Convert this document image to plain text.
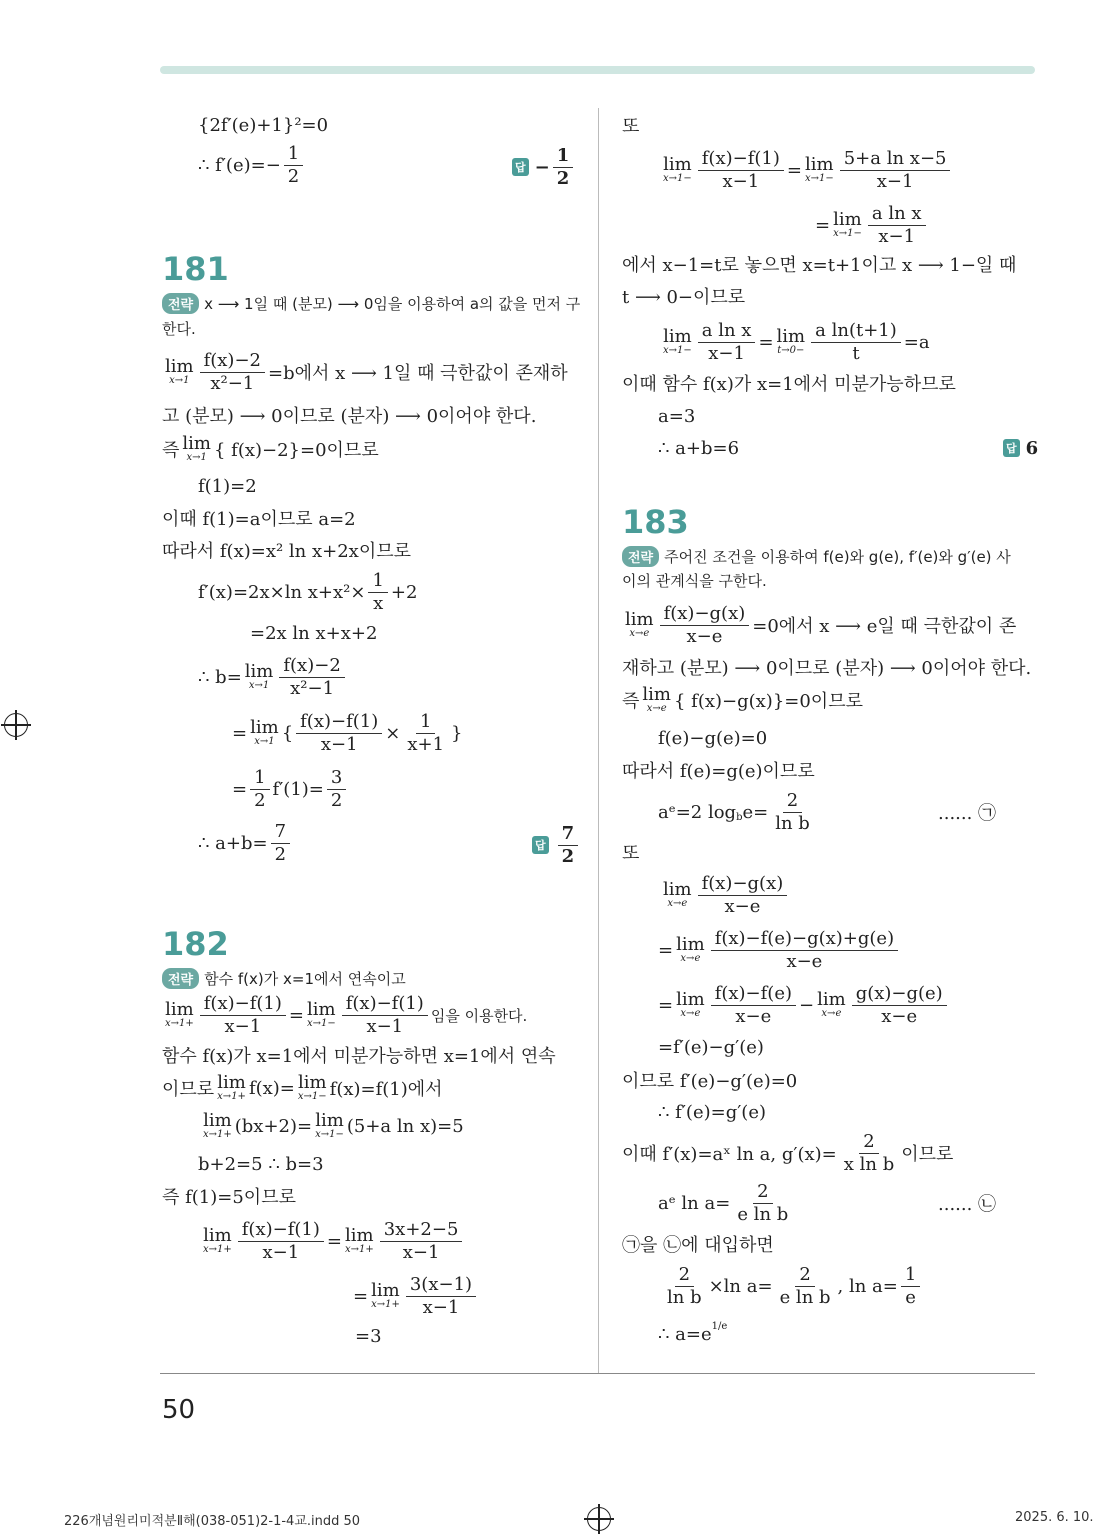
{2f′(e)+1}²=0
∴ $f'(e)=- \frac{1}{2}$
전략 x ⟶ 1일 때 (분모) ⟶ 0임을 이용하여 a의 값을 먼저 구
한다.
lim
$x\to 1 \frac{f(x)-2}{\text{x²−1}} =b$에서 x ⟶ 1일 때 극한값이 존재하
고 (분모) ⟶ 0이므로 (분자) ⟶ 0이어야 한다.
즉 lim
x→1 { f(x)−2}=0이므로
f(1)=2
이때 f(1)=a이므로 a=2
따라서 f(x)=x² ln x+2x이므로
f′(x)=2x×ln $x+x^2\times \frac{1}{x} +2$
=2x ln x+x+2
∴ b= lim
$x\to 1 \frac{f(x)-2}{\text{x²−1}}$
= lim
x→1 { $\frac{f(x)-f(1)}{x-1} \times \frac{1}{x+1}$ }
= $\frac{1}{2} f'(1)= \frac{3}{2}$
∴ $a+b= \frac{7}{2}$
전략 함수 f(x)가 x=1에서 연속이고
lim
$x\to 1+ \frac{f(x)-f(1)}{x-1} = \lim$
$x\to 1- \frac{f(x)-f(1)}{x-1}$ 임을 이용한다.
함수 f(x)가 x=1에서 미분가능하면 x=1에서 연속
이므로 lim
x→1+ f(x)= lim
x→1− f(x)=f(1)에서
lim
x→1+ (bx+2)= lim
x→1− (5+a ln x)=5
b+2=5 ∴ b=3
즉 f(1)=5이므로
lim
$x\to 1+ \frac{f(x)-f(1)}{x-1} = \lim$
$x\to 1+ \frac{3x+2-5}{x-1}$
= lim
$x\to 1+ \frac{3(x-1)}{x-1}$
=3
또
lim
$x\to 1- \frac{f(x)-f(1)}{x-1} = \lim$
$x\to 1- \frac{\text{5+a ln x−5}}{x-1}$
= lim
$x\to 1- \frac{\text{a ln x}}{x-1}$
에서 x−1=t로 놓으면 x=t+1이고 x ⟶ 1−일 때
t ⟶ 0−이므로
lim
$x\to 1- \frac{\text{a ln x}}{x-1} = \lim$
$t\to 0- \frac{\text{a ln(t+1)}}{t} =a$
이때 함수 f(x)가 x=1에서 미분가능하므로
a=3
∴ a+b=6
전략 주어진 조건을 이용하여 f(e)와 g(e), f′(e)와 g′(e) 사
이의 관계식을 구한다.
lim
$x\to e \frac{f(x)-g(x)}{x-e} =0$에서 x ⟶ e일 때 극한값이 존
재하고 (분모) ⟶ 0이므로 (분자) ⟶ 0이어야 한다.
즉 lim
x→e { f(x)−g(x)}=0이므로
f(e)−g(e)=0
따라서 f(e)=g(e)이므로
aᵉ=2 log b $e= \frac{2}{\text{ln b}}$
또
lim
$x\to e \frac{f(x)-g(x)}{x-e}$
= lim
$x\to e \frac{f(x)-f(e)-g(x)+g(e)}{x-e}$
= lim
$x\to e \frac{f(x)-f(e)}{x-e} - \lim$
$x\to e \frac{g(x)-g(e)}{x-e}$
=f′(e)−g′(e)
이므로 f′(e)−g′(e)=0
∴ f′(e)=g′(e)
이때 f′(x)=aˣ ln a, $g'(x)= \frac{2}{\text{x ln b}}$ 이므로
aᵉ $\ln a= \frac{2}{\text{e ln b}}$
㉠을 ㉡에 대입하면
$\frac{2}{\text{ln b}} \times\ln$ $a= \frac{2}{\text{e ln b}}$ , $\ln a= \frac{1}{e}$
∴ a=e 1/e
답 − $\frac{1}{2}$
답 $\frac{7}{2}$
답 6
181
182
183
...... ㉠
...... ㉡
50
226개념원리미적분Ⅱ해(038-051)2-1-4교.indd 50	2025. 6. 10.
